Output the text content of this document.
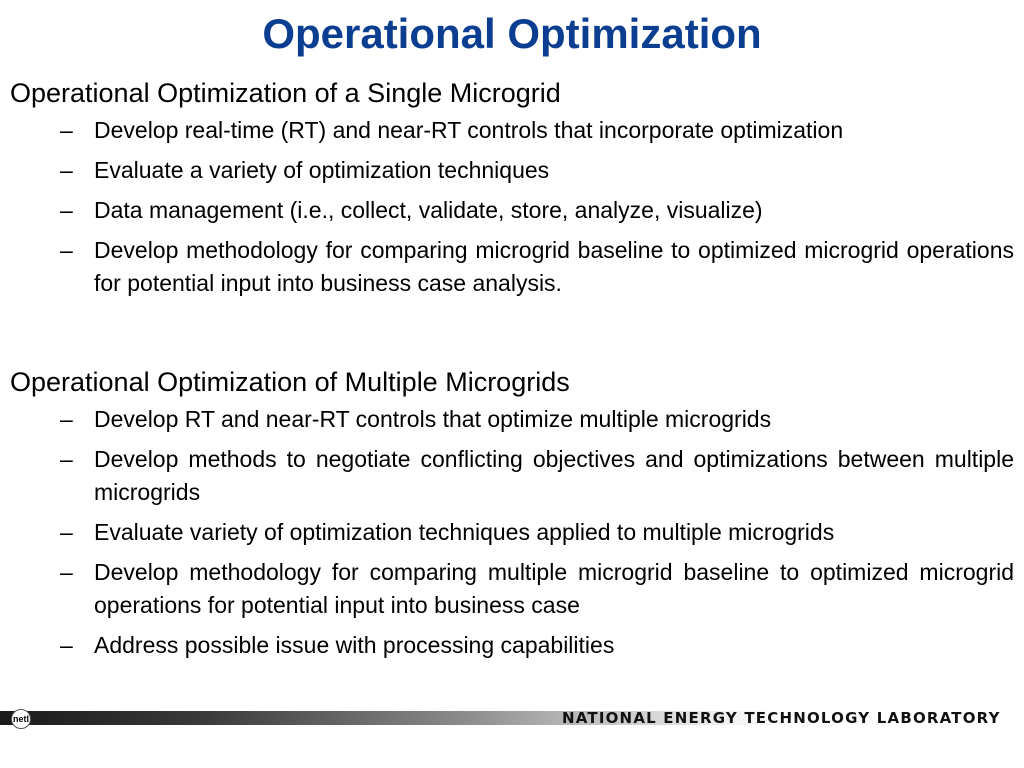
Operational Optimization
Operational Optimization of a Single Microgrid
– Develop real-time (RT) and near-RT controls that incorporate optimization
– Evaluate a variety of optimization techniques
– Data management (i.e., collect, validate, store, analyze, visualize)
– Develop methodology for comparing microgrid baseline to optimized microgrid operations for potential input into business case analysis.
Operational Optimization of Multiple Microgrids
– Develop RT and near-RT controls that optimize multiple microgrids
– Develop methods to negotiate conflicting objectives and optimizations between multiple microgrids
– Evaluate variety of optimization techniques applied to multiple microgrids
– Develop methodology for comparing multiple microgrid baseline to optimized microgrid operations for potential input into business case
– Address possible issue with processing capabilities
netl	NATIONAL ENERGY TECHNOLOGY LABORATORY
